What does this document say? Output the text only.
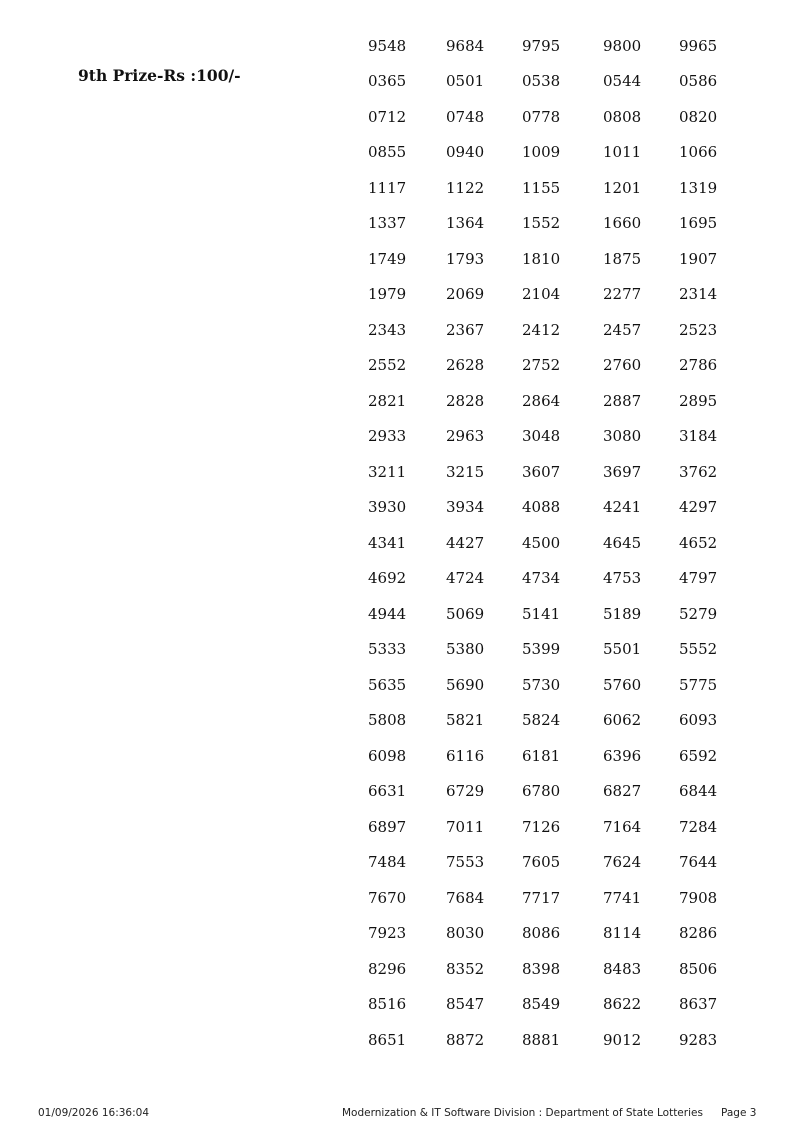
9th Prize-Rs :100/-
9548	9684	9795	9800	9965
0365	0501	0538	0544	0586
0712	0748	0778	0808	0820
0855	0940	1009	1011	1066
1117	1122	1155	1201	1319
1337	1364	1552	1660	1695
1749	1793	1810	1875	1907
1979	2069	2104	2277	2314
2343	2367	2412	2457	2523
2552	2628	2752	2760	2786
2821	2828	2864	2887	2895
2933	2963	3048	3080	3184
3211	3215	3607	3697	3762
3930	3934	4088	4241	4297
4341	4427	4500	4645	4652
4692	4724	4734	4753	4797
4944	5069	5141	5189	5279
5333	5380	5399	5501	5552
5635	5690	5730	5760	5775
5808	5821	5824	6062	6093
6098	6116	6181	6396	6592
6631	6729	6780	6827	6844
6897	7011	7126	7164	7284
7484	7553	7605	7624	7644
7670	7684	7717	7741	7908
7923	8030	8086	8114	8286
8296	8352	8398	8483	8506
8516	8547	8549	8622	8637
8651	8872	8881	9012	9283
01/09/2026 16:36:04	Modernization & IT Software Division : Department of State Lotteries Page 3
